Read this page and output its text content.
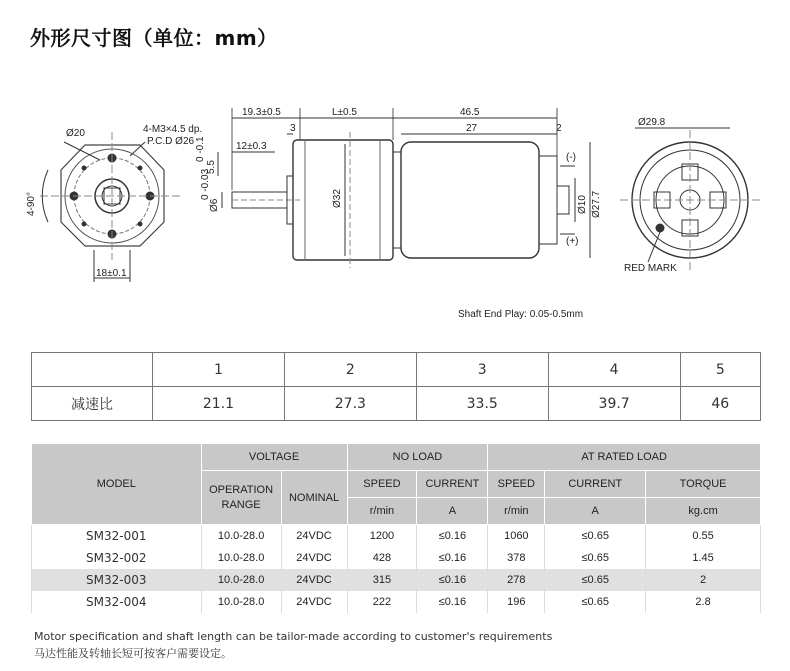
外形尺寸图（单位：mm）
Ø20	4-M3×4.5 dp.
P.C.D Ø26
4-90°
18±0.1
19.3±0.5	L±0.5	46.5
3	27	2
12±0.3
5.5
0 -0.1
Ø6
0 -0.03	Ø32	Ø10 Ø27.7
(-)
(+)
Ø29.8
RED MARK
Shaft End Play: 0.05-0.5mm
	1	2	3	4	5
减速比	21.1	27.3	33.5	39.7	46
MODEL	VOLTAGE		NO LOAD		AT RATED LOAD		
	OPERATION
RANGE	NOMINAL	SPEED	CURRENT	SPEED	CURRENT	TORQUE
			r/min	A	r/min	A	kg.cm
SM32-001	10.0-28.0	24VDC	1200	≤0.16	1060	≤0.65	0.55
SM32-002	10.0-28.0	24VDC	428	≤0.16	378	≤0.65	1.45
SM32-003	10.0-28.0	24VDC	315	≤0.16	278	≤0.65	2
SM32-004	10.0-28.0	24VDC	222	≤0.16	196	≤0.65	2.8
Motor specification and shaft length can be tailor-made according to customer's requirements
马达性能及转轴长短可按客户需要设定。
